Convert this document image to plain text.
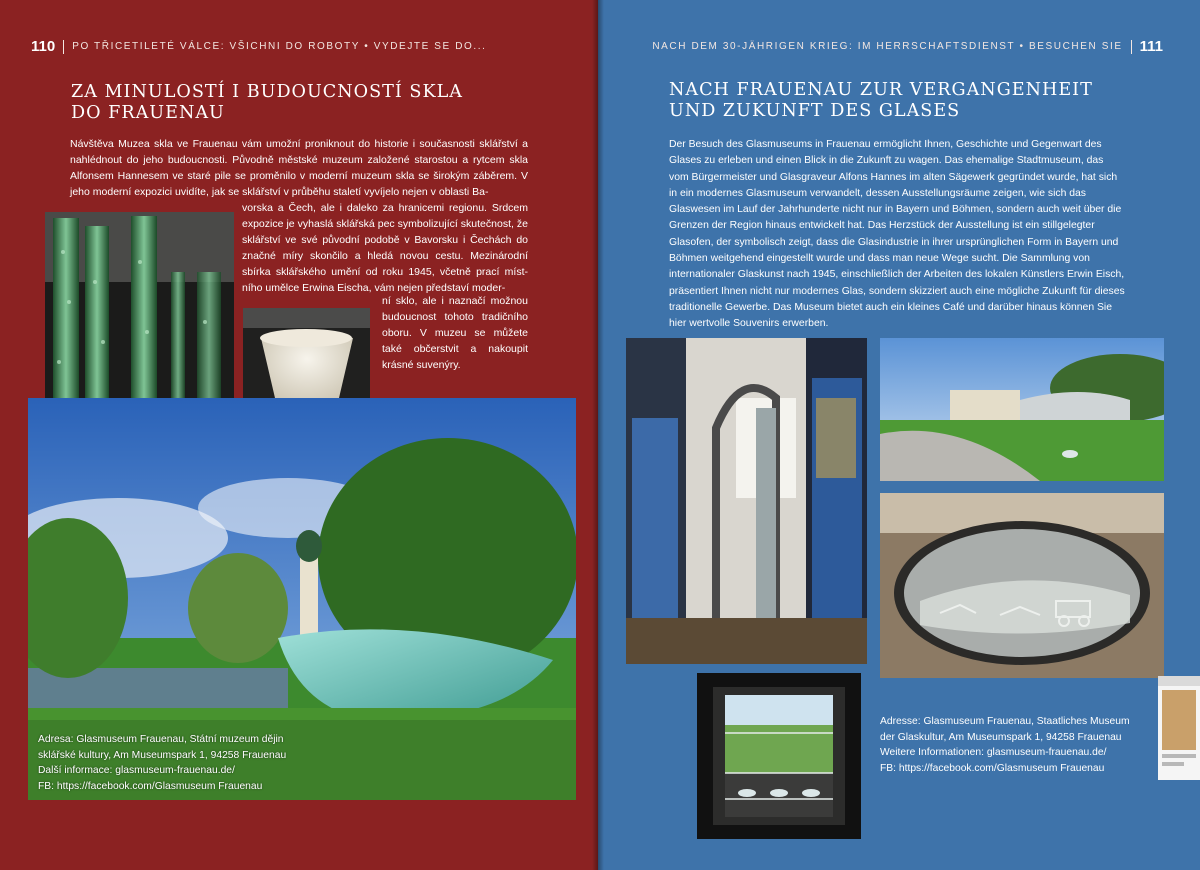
110 PO TŘICETILETÉ VÁLCE: VŠICHNI DO ROBOTY • VYDEJTE SE DO...
ZA MINULOSTÍ I BUDOUCNOSTÍ SKLA
DO FRAUENAU

Návštěva Muzea skla ve Frauenau vám umožní proniknout do historie i současnosti sklářství a nahlédnout do jeho budoucnosti. Původně městské muzeum založené starostou a rytcem skla Alfonsem Hannesem ve staré pile se proměnilo v moderní muzeum skla se širokým záběrem. V jeho moderní expozici uvidíte, jak se sklářství v průběhu staletí vyvíjelo nejen v oblasti Ba-

vorska a Čech, ale i daleko za hranicemi regionu. Srdcem expozice je vyhaslá sklářská pec symbolizující skutečnost, že sklářství ve své původní podobě v Bavorsku i Čechách do značné míry skončilo a hledá novou cestu. Mezinárodní sbírka sklářského umění od roku 1945, včetně prací míst-ního umělce Erwina Eischa, vám nejen představí moder-

ní sklo, ale i naznačí možnou budoucnost tohoto tradičního oboru. V muzeu se můžete také občerstvit a nakoupit krásné suvenýry.

Adresa: Glasmuseum Frauenau, Státní muzeum dějin
sklářské kultury, Am Museumspark 1, 94258 Frauenau
Další informace: glasmuseum-frauenau.de/
FB: https://facebook.com/Glasmuseum Frauenau
NACH DEM 30-JÄHRIGEN KRIEG: IM HERRSCHAFTSDIENST • BESUCHEN SIE 111
NACH FRAUENAU ZUR VERGANGENHEIT
UND ZUKUNFT DES GLASES

Der Besuch des Glasmuseums in Frauenau ermöglicht Ihnen, Geschichte und Gegenwart des Glases zu erleben und einen Blick in die Zukunft zu wagen. Das ehemalige Stadtmuseum, das vom Bürgermeister und Glasgraveur Alfons Hannes im alten Sägewerk gegründet wurde, hat sich in ein modernes Glasmuseum verwandelt, dessen Ausstellungsräume zeigen, wie sich das Glaswesen im Lauf der Jahrhunderte nicht nur in Bayern und Böhmen, sondern auch weit über die Grenzen der Region hinaus entwickelt hat. Das Herzstück der Ausstellung ist ein stillgelegter Glasofen, der symbolisch zeigt, dass die Glasindustrie in ihrer ursprünglichen Form in Bayern und Böhmen weitgehend eingestellt wurde und dass man neue Wege sucht. Die Sammlung von internationaler Glaskunst nach 1945, einschließlich der Arbeiten des lokalen Künstlers Erwin Eisch, präsentiert Ihnen nicht nur modernes Glas, sondern skizziert auch eine mögliche Zukunft für dieses traditionelle Gewerbe. Das Museum bietet auch ein kleines Café und darüber hinaus können Sie hier wertvolle Souvenirs erwerben.

Adresse: Glasmuseum Frauenau, Staatliches Museum
der Glaskultur, Am Museumspark 1, 94258 Frauenau
Weitere Informationen: glasmuseum-frauenau.de/
FB: https://facebook.com/Glasmuseum Frauenau
